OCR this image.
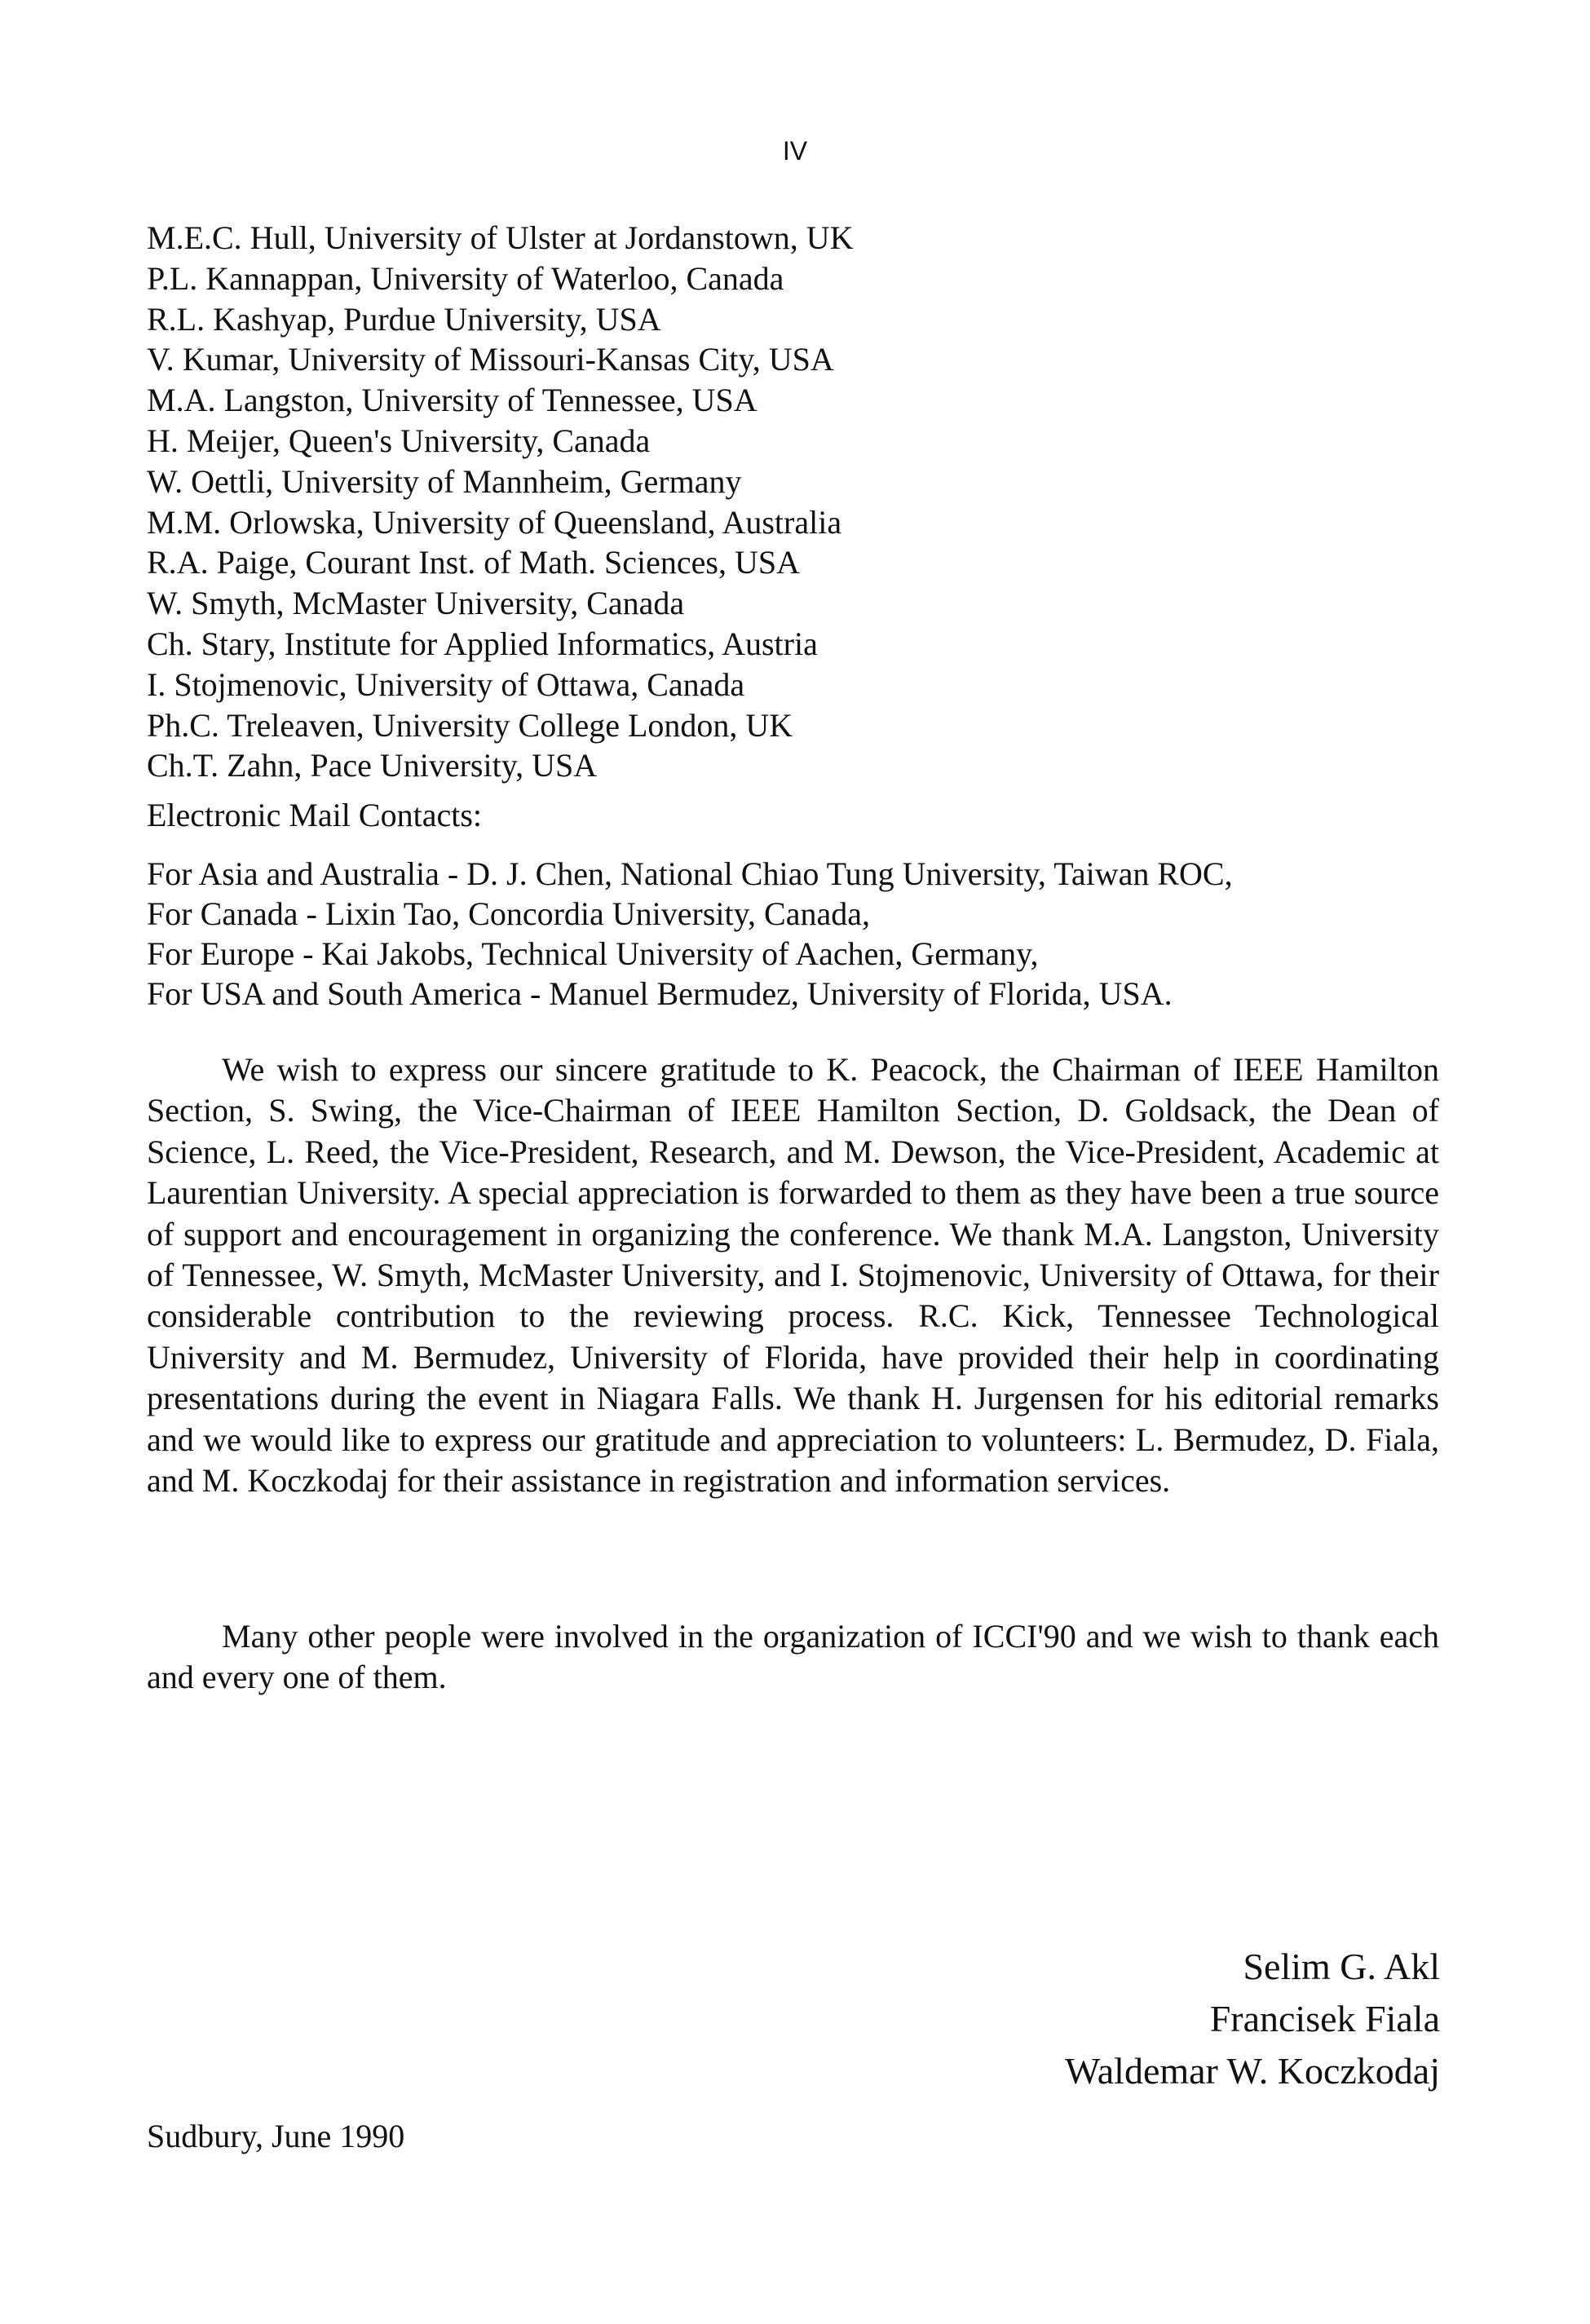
IV
M.E.C. Hull, University of Ulster at Jordanstown, UK
P.L. Kannappan, University of Waterloo, Canada
R.L. Kashyap, Purdue University, USA
V. Kumar, University of Missouri-Kansas City, USA
M.A. Langston, University of Tennessee, USA
H. Meijer, Queen's University, Canada
W. Oettli, University of Mannheim, Germany
M.M. Orlowska, University of Queensland, Australia
R.A. Paige, Courant Inst. of Math. Sciences, USA
W. Smyth, McMaster University, Canada
Ch. Stary, Institute for Applied Informatics, Austria
I. Stojmenovic, University of Ottawa, Canada
Ph.C. Treleaven, University College London, UK
Ch.T. Zahn, Pace University, USA
Electronic Mail Contacts:
For Asia and Australia - D. J. Chen, National Chiao Tung University, Taiwan ROC,
For Canada - Lixin Tao, Concordia University, Canada,
For Europe - Kai Jakobs, Technical University of Aachen, Germany,
For USA and South America - Manuel Bermudez, University of Florida, USA.

We wish to express our sincere gratitude to K. Peacock, the Chairman of IEEE Hamilton Section, S. Swing, the Vice-Chairman of IEEE Hamilton Section, D. Goldsack, the Dean of Science, L. Reed, the Vice-President, Research, and M. Dewson, the Vice-President, Academic at Laurentian University. A special appreciation is forwarded to them as they have been a true source of support and encouragement in organizing the conference. We thank M.A. Langston, University of Tennessee, W. Smyth, McMaster University, and I. Stojmenovic, University of Ottawa, for their considerable contribution to the reviewing process. R.C. Kick, Tennessee Technological University and M. Bermudez, University of Florida, have provided their help in coordinating presentations during the event in Niagara Falls. We thank H. Jurgensen for his editorial remarks and we would like to express our gratitude and appreciation to volunteers: L. Bermudez, D. Fiala, and M. Koczkodaj for their assistance in registration and information services.

Many other people were involved in the organization of ICCI'90 and we wish to thank each and every one of them.

Selim G. Akl
Francisek Fiala
Waldemar W. Koczkodaj
Sudbury, June 1990
